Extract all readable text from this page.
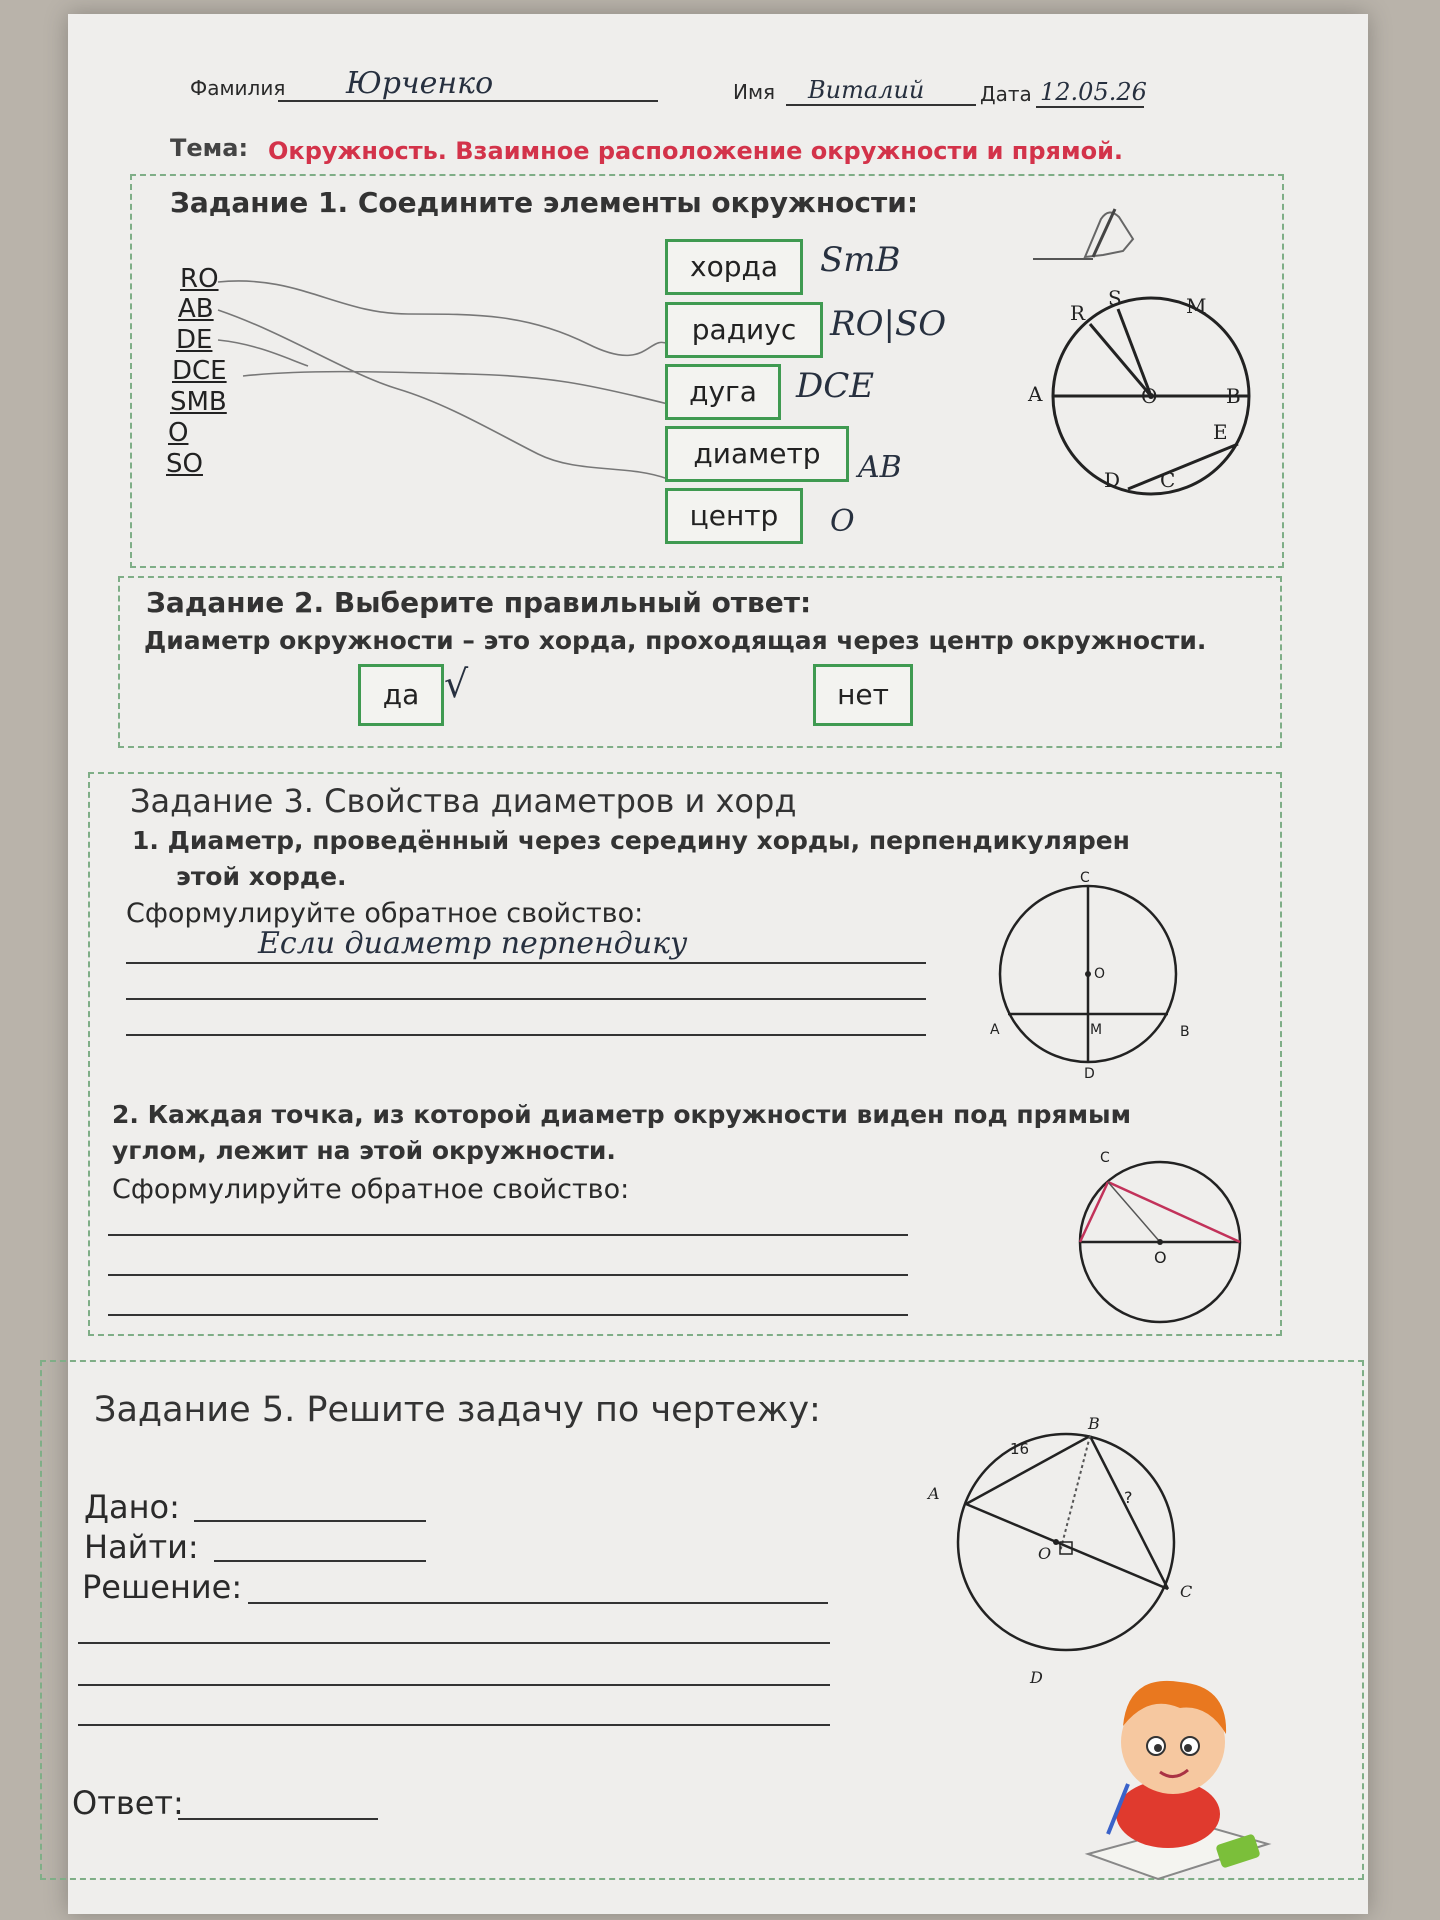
Фамилия Юрченко	Имя Виталий	Дата 12.05.26
Тема: Окружность. Взаимное расположение окружности и прямой.
Задание 1. Соедините элементы окружности:
RO
AB
DE
DCE
SMB
O
SO
хорда	SmB
радиус RO|SO
дуга	DCE
диаметр	AB
центр	O
R
S	M
A	O	B
E
D C
Задание 2. Выберите правильный ответ:
Диаметр окружности – это хорда, проходящая через центр окружности.
да √	нет
Задание 3. Свойства диаметров и хорд
1. Диаметр, проведённый через середину хорды, перпендикулярен
этой хорде.
Сформулируйте обратное свойство:
Если диаметр перпендику
C
O
A	M	B
D
2. Каждая точка, из которой диаметр окружности виден под прямым
углом, лежит на этой окружности.
Сформулируйте обратное свойство:
C
O
Задание 5. Решите задачу по чертежу:
Дано:
Найти:
Решение:
Ответ:
B
A
O
C
D
16
?
